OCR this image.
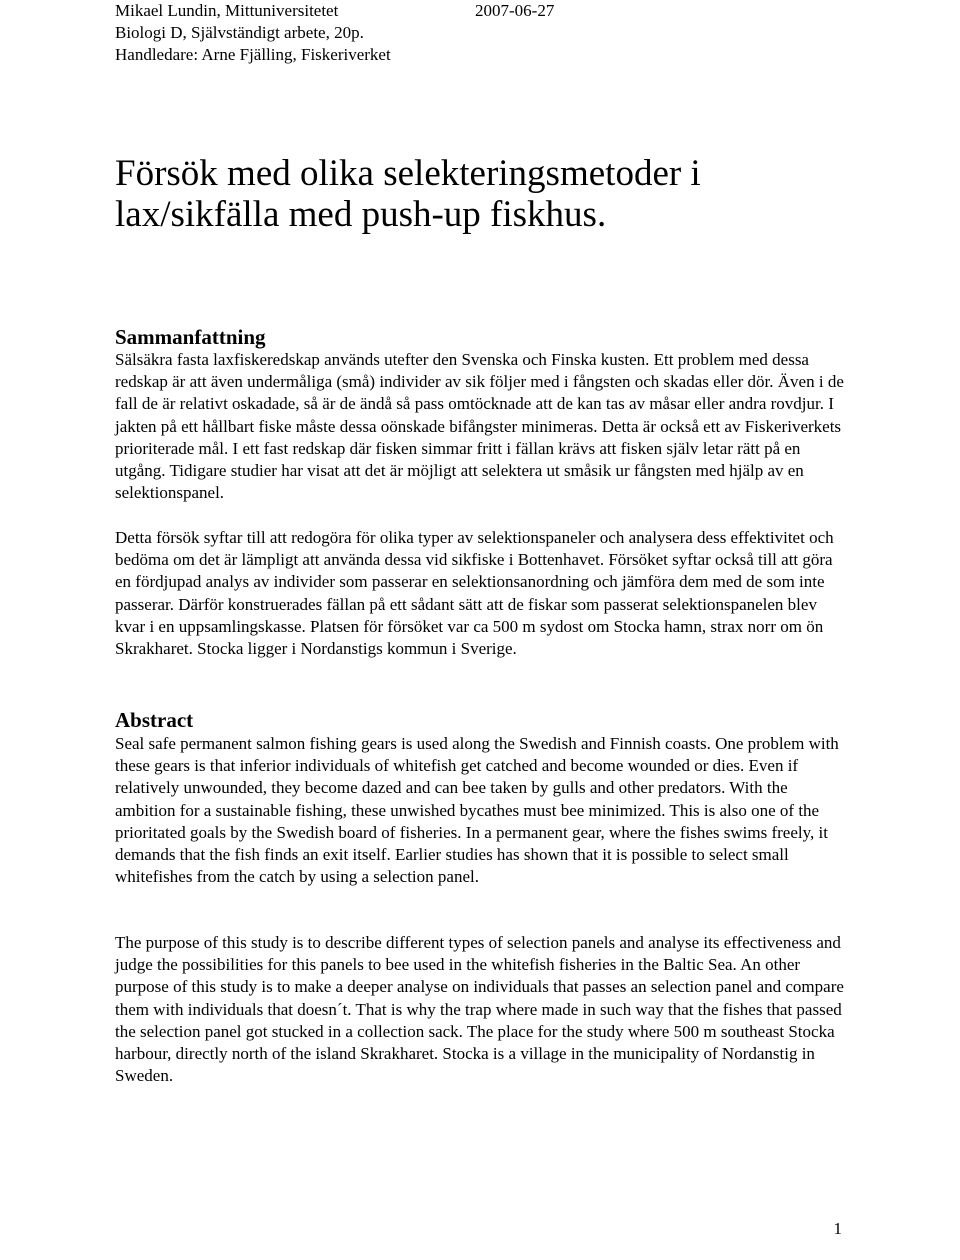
Mikael Lundin, Mittuniversitetet	2007-06-27
Biologi D, Självständigt arbete, 20p.
Handledare: Arne Fjälling, Fiskeriverket
Försök med olika selekteringsmetoder i
lax/sikfälla med push-up fiskhus.
Sammanfattning

Sälsäkra fasta laxfiskeredskap används utefter den Svenska och Finska kusten. Ett problem med dessa redskap är att även undermåliga (små) individer av sik följer med i fångsten och skadas eller dör. Även i de fall de är relativt oskadade, så är de ändå så pass omtöcknade att de kan tas av måsar eller andra rovdjur. I jakten på ett hållbart fiske måste dessa oönskade bifångster minimeras. Detta är också ett av Fiskeriverkets prioriterade mål. I ett fast redskap där fisken simmar fritt i fällan krävs att fisken själv letar rätt på en utgång. Tidigare studier har visat att det är möjligt att selektera ut småsik ur fångsten med hjälp av en selektionspanel.

Detta försök syftar till att redogöra för olika typer av selektionspaneler och analysera dess effektivitet och bedöma om det är lämpligt att använda dessa vid sikfiske i Bottenhavet. Försöket syftar också till att göra en fördjupad analys av individer som passerar en selektionsanordning och jämföra dem med de som inte passerar. Därför konstruerades fällan på ett sådant sätt att de fiskar som passerat selektionspanelen blev kvar i en uppsamlingskasse. Platsen för försöket var ca 500 m sydost om Stocka hamn, strax norr om ön Skrakharet. Stocka ligger i Nordanstigs kommun i Sverige.

Abstract

Seal safe permanent salmon fishing gears is used along the Swedish and Finnish coasts. One problem with these gears is that inferior individuals of whitefish get catched and become wounded or dies. Even if relatively unwounded, they become dazed and can bee taken by gulls and other predators. With the ambition for a sustainable fishing, these unwished bycathes must bee minimized. This is also one of the prioritated goals by the Swedish board of fisheries. In a permanent gear, where the fishes swims freely, it demands that the fish finds an exit itself. Earlier studies has shown that it is possible to select small whitefishes from the catch by using a selection panel.

The purpose of this study is to describe different types of selection panels and analyse its effectiveness and judge the possibilities for this panels to bee used in the whitefish fisheries in the Baltic Sea. An other purpose of this study is to make a deeper analyse on individuals that passes an selection panel and compare them with individuals that doesn´t. That is why the trap where made in such way that the fishes that passed the selection panel got stucked in a collection sack. The place for the study where 500 m southeast Stocka harbour, directly north of the island Skrakharet. Stocka is a village in the municipality of Nordanstig in Sweden.

1
